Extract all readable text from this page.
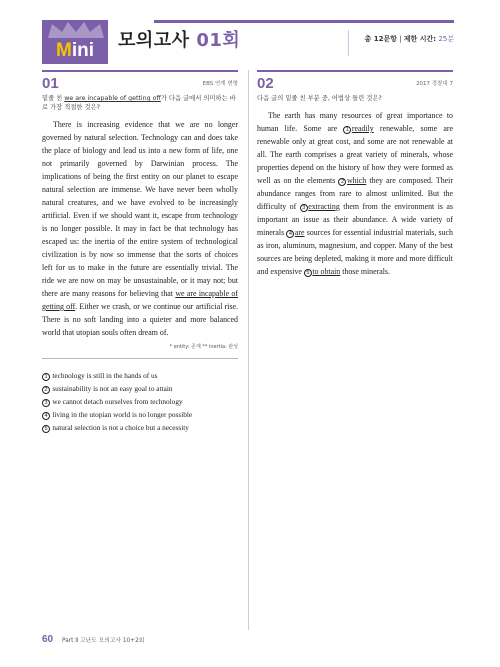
Mini	모의고사 01회	총 12문항 | 제한 시간: 25분
01	EBS 연계 변형
밑줄 친 we are incapable of getting off가 다음 글에서 의미하는 바로 가장 적절한 것은?

There is increasing evidence that we are no longer governed by natural selection. Technology can and does take the place of biology and lead us into a new form of life, one not primarily governed by Darwinian process. The implications of being the first entity on our planet to escape natural selection are immense. We have never been wholly natural creatures, and we have evolved to be increasingly artificial. Even if we should want it, escape from technology is no longer possible. It may in fact be that technology has escaped us: the inertia of the entire system of technological civilization is by now so immense that the sorts of choices left for us to make in the future are essentially trivial. The ride we are now on may be unsustainable, or it may not; but there are many reasons for believing that we are incapable of getting off. Either we crash, or we continue our artificial rise. There is no soft landing into a quieter and more balanced world that utopian souls often dream of.

* entity: 존재 ** inertia: 관성
1 technology is still in the hands of us
2 sustainability is not an easy goal to attain
3 we cannot detach ourselves from technology
4 living in the utopian world is no longer possible
5 natural selection is not a choice but a necessity
02	2017 경찰대 7
다음 글의 밑줄 친 부분 중, 어법상 틀린 것은?

The earth has many resources of great importance to human life. Some are 1 readily renewable, some are renewable only at great cost, and some are not renewable at all. The earth comprises a great variety of minerals, whose properties depend on the history of how they were formed as well as on the elements 2 which they are composed. Their abundance ranges from rare to almost unlimited. But the difficulty of 3 extracting them from the environment is as important an issue as their abundance. A wide variety of minerals 4 are sources for essential industrial materials, such as iron, aluminum, magnesium, and copper. Many of the best sources are being depleted, making it more and more difficult and expensive 5 to obtain those minerals.

60 Part Ⅱ 고난도 모의고사 10+2회
